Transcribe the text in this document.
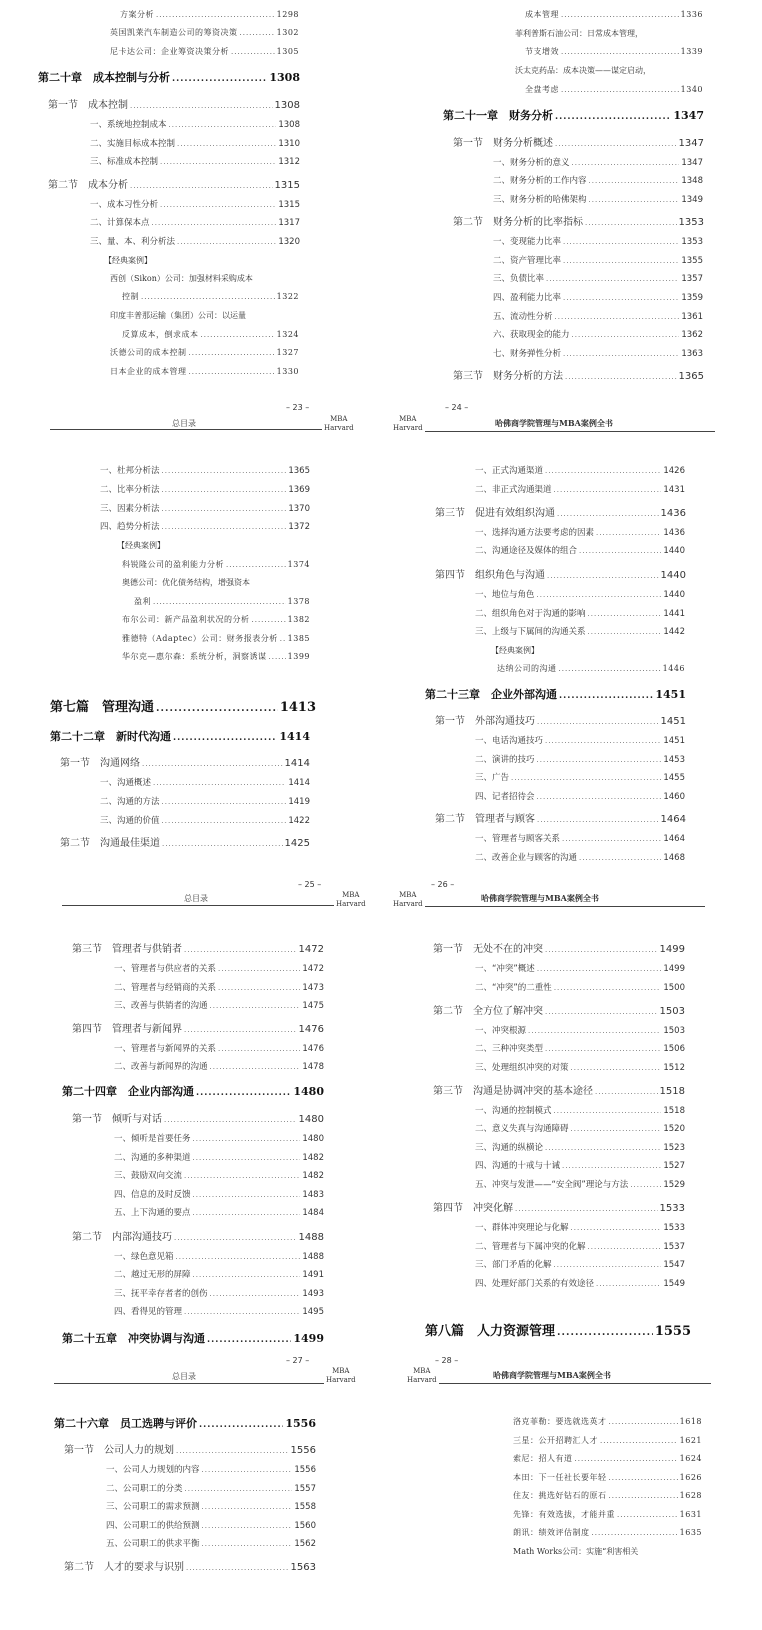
方案分析 .....	1298
英国凯莱汽车制造公司的筹资决策 .....	1302
尼卡达公司：企业筹资决策分析 .....	1305
第二十章　成本控制与分析 .....	1308
第一节　成本控制 .....	1308
一、系统地控制成本 .....	1308
二、实施目标成本控制 .....	1310
三、标准成本控制 .....	1312
第二节　成本分析 .....	1315
一、成本习性分析 .....	1315
二、计算保本点 .....	1317
三、量、本、利分析法 .....	1320
【经典案例】
西创（Sikon）公司：加强材料采购成本
控制 .....	1322
印度丰普那运输（集团）公司：以运量
反算成本，倒求成本 .....	1324
沃德公司的成本控制 .....	1327
日本企业的成本管理 .....	1330
– 23 –
总目录	MBA
Harvard
成本管理 .....	1336
菲利普斯石油公司：日常成本管理，
节支增效 .....	1339
沃太克药品：成本决策——谋定启动，
全盘考虑 .....	1340
第二十一章　财务分析 .....	1347
第一节　财务分析概述 .....	1347
一、财务分析的意义 .....	1347
二、财务分析的工作内容 .....	1348
三、财务分析的哈佛架构 .....	1349
第二节　财务分析的比率指标 .....	1353
一、变现能力比率 .....	1353
二、资产管理比率 .....	1355
三、负债比率 .....	1357
四、盈利能力比率 .....	1359
五、流动性分析 .....	1361
六、获取现金的能力 .....	1362
七、财务弹性分析 .....	1363
第三节　财务分析的方法 .....	1365
– 24 –
MBA
Harvard	哈佛商学院管理与MBA案例全书
一、杜邦分析法 .....	1365
二、比率分析法 .....	1369
三、因素分析法 .....	1370
四、趋势分析法 .....	1372
【经典案例】
科锐隆公司的盈利能力分析 .....	1374
奥德公司：优化债务结构，增强资本
盈利 .....	1378
布尔公司：新产品盈利状况的分析 .....	1382
雅德特（Adaptec）公司：财务报表分析 ..... 1385
华尔克—惠尔森：系统分析，洞察诱谋 .....	1399
第七篇　管理沟通 .....	1413
第二十二章　新时代沟通 .....	1414
第一节　沟通网络 .....	1414
一、沟通概述 .....	1414
二、沟通的方法 .....	1419
三、沟通的价值 .....	1422
第二节　沟通最佳渠道 .....	1425
– 25 –
总目录	MBA
Harvard
一、正式沟通渠道 .....	1426
二、非正式沟通渠道 .....	1431
第三节　促进有效组织沟通 .....	1436
一、选择沟通方法要考虑的因素 .....	1436
二、沟通途径及媒体的组合 .....	1440
第四节　组织角色与沟通 .....	1440
一、地位与角色 .....	1440
二、组织角色对于沟通的影响 .....	1441
三、上级与下属间的沟通关系 .....	1442
【经典案例】
达纳公司的沟通 .....	1446
第二十三章　企业外部沟通 .....	1451
第一节　外部沟通技巧 .....	1451
一、电话沟通技巧 .....	1451
二、演讲的技巧 .....	1453
三、广告 .....	1455
四、记者招待会 .....	1460
第二节　管理者与顾客 .....	1464
一、管理者与顾客关系 .....	1464
二、改善企业与顾客的沟通 .....	1468
– 26 –
MBA
Harvard
哈佛商学院管理与MBA案例全书
第三节　管理者与供销者 .....	1472
一、管理者与供应者的关系 .....	1472
二、管理者与经销商的关系 .....	1473
三、改善与供销者的沟通 .....	1475
第四节　管理者与新闻界 .....	1476
一、管理者与新闻界的关系 .....	1476
二、改善与新闻界的沟通 .....	1478
第二十四章　企业内部沟通 .....	1480
第一节　倾听与对话 .....	1480
一、倾听是首要任务 .....	1480
二、沟通的多种渠道 .....	1482
三、鼓励双向交流 .....	1482
四、信息的及时反馈 .....	1483
五、上下沟通的要点 .....	1484
第二节　内部沟通技巧 .....	1488
一、绿色意见箱 .....	1488
二、越过无形的屏障 .....	1491
三、抚平幸存者者的创伤 .....	1493
四、看得见的管理 .....	1495
第二十五章　冲突协调与沟通 .....	1499
– 27 –
总目录
MBA
Harvard
第一节　无处不在的冲突 .....	1499
一、“冲突”概述 .....	1499
二、“冲突”的二重性 .....	1500
第二节　全方位了解冲突 .....	1503
一、冲突根源 .....	1503
二、三种冲突类型 .....	1506
三、处理组织冲突的对策 .....	1512
第三节　沟通是协调冲突的基本途径 .....	1518
一、沟通的控制模式 .....	1518
二、意义失真与沟通障碍 .....	1520
三、沟通的纵横论 .....	1523
四、沟通的十戒与十诫 .....	1527
五、冲突与发泄——“安全阀”理论与方法 .....	1529
第四节　冲突化解 .....	1533
一、群体冲突理论与化解 .....	1533
二、管理者与下属冲突的化解 .....	1537
三、部门矛盾的化解 .....	1547
四、处理好部门关系的有效途径 .....	1549
第八篇　人力资源管理 .....	1555
– 28 –
MBA
Harvard	哈佛商学院管理与MBA案例全书
第二十六章　员工选聘与评价 .....	1556
第一节　公司人力的规划 .....	1556
一、公司人力规划的内容 .....	1556
二、公司职工的分类 .....	1557
三、公司职工的需求预测 .....	1558
四、公司职工的供给预测 .....	1560
五、公司职工的供求平衡 .....	1562
第二节　人才的要求与识别 .....	1563
洛克菲勒：要选就选英才 .....	1618
三星：公开招聘汇人才 .....	1621
索尼：招人有道 .....	1624
本田：下一任社长要年轻 .....	1626
住友：挑选好钻石的原石 .....	1628
先锋：有效选拔，才能并重 .....	1631
朗讯：绩效评估制度 .....	1635
Math Works公司：实施“利害相关
